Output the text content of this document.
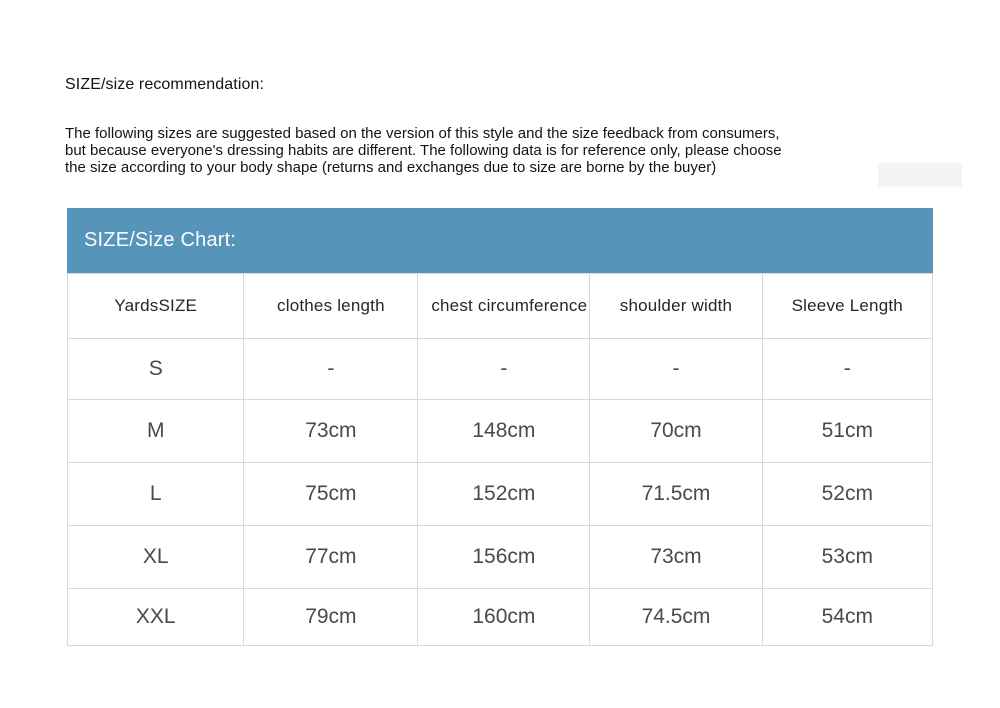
SIZE/size recommendation:
The following sizes are suggested based on the version of this style and the size feedback from consumers,
but because everyone's dressing habits are different. The following data is for reference only, please choose
the size according to your body shape (returns and exchanges due to size are borne by the buyer)
SIZE/Size Chart:
YardsSIZE	clothes length	chest circumference	shoulder width	Sleeve Length
S	-	-	-	-
M	73cm	148cm	70cm	51cm
L	75cm	152cm	71.5cm	52cm
XL	77cm	156cm	73cm	53cm
XXL	79cm	160cm	74.5cm	54cm
